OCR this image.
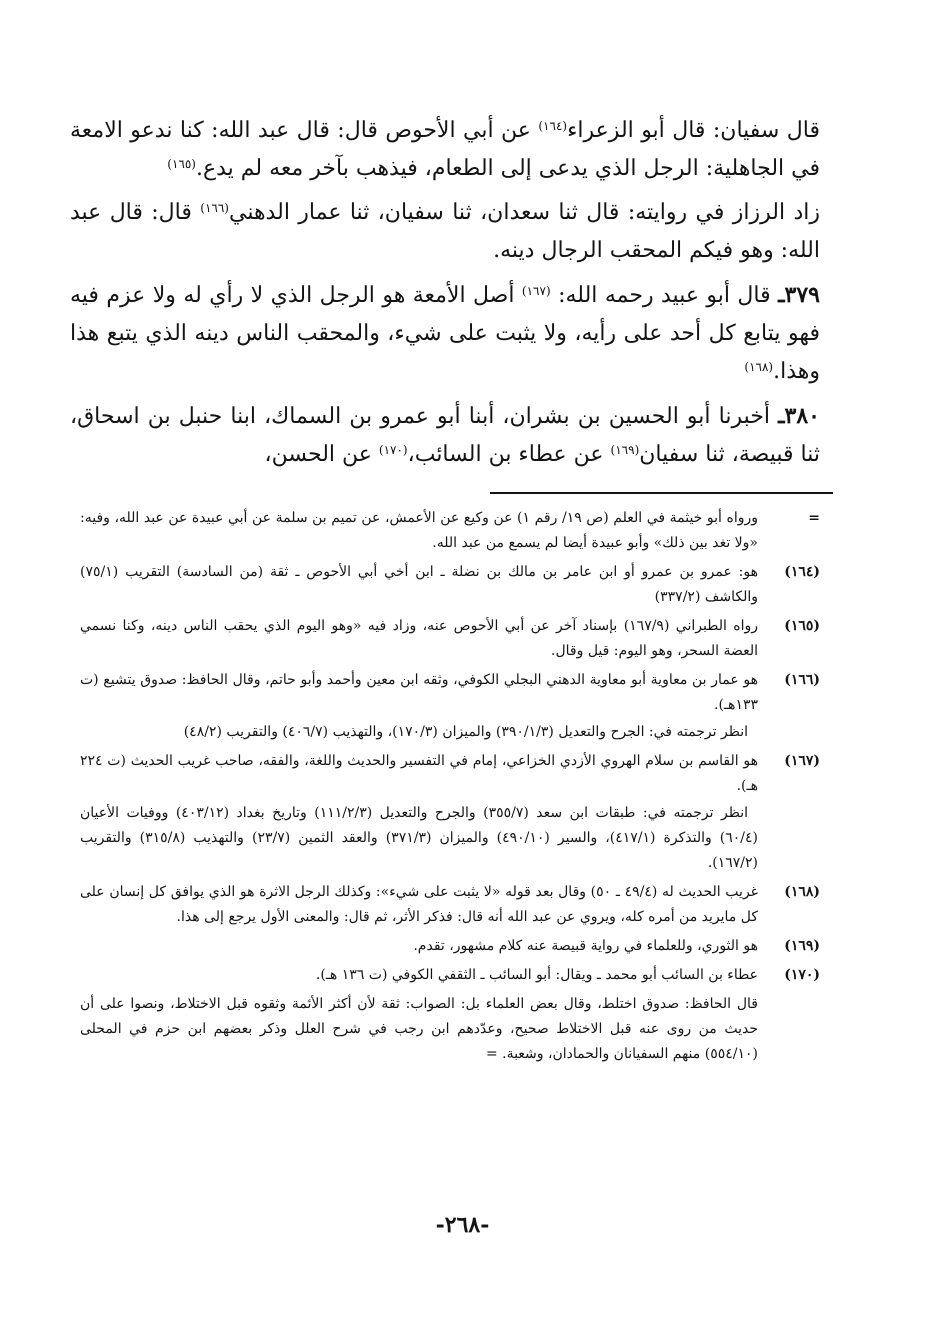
قال سفيان: قال أبو الزعراء$^{(١٦٤)}$ عن أبي الأحوص قال: قال عبد الله: كنا ندعو الامعة في الجاهلية: الرجل الذي يدعى إلى الطعام، فيذهب بآخر معه لم يدع.$^{(١٦٥)}$

زاد الرزاز في روايته: قال ثنا سعدان، ثنا سفيان، ثنا عمار الدهني$^{(١٦٦)}$ قال: قال عبد الله: وهو فيكم المحقب الرجال دينه.

٣٧٩ـ قال أبو عبيد رحمه الله: $^{(١٦٧)}$ أصل الأمعة هو الرجل الذي لا رأي له ولا عزم فيه فهو يتابع كل أحد على رأيه، ولا يثبت على شيء، والمحقب الناس دينه الذي يتبع هذا وهذا.$^{(١٦٨)}$

٣٨٠ـ أخبرنا أبو الحسين بن بشران، أبنا أبو عمرو بن السماك، ابنا حنبل بن اسحاق، ثنا قبيصة، ثنا سفيان$^{(١٦٩)}$ عن عطاء بن السائب،$^{(١٧٠)}$ عن الحسن،

=

ورواه أبو خيثمة في العلم (ص ١٩/ رقم ١) عن وكيع عن الأعمش، عن تميم بن سلمة عن أبي عبيدة عن عبد الله، وفيه: «ولا تغد بين ذلك» وأبو عبيدة أيضا لم يسمع من عبد الله.

(١٦٤)

هو: عمرو بن عمرو أو ابن عامر بن مالك بن نضلة ـ ابن أخي أبي الأحوص ـ ثقة (من السادسة) التقريب (٧٥/١) والكاشف (٣٣٧/٢)

(١٦٥)

رواه الطبراني (١٦٧/٩) بإسناد آخر عن أبي الأحوص عنه، وزاد فيه «وهو اليوم الذي يحقب الناس دينه، وكنا نسمي العضة السحر، وهو اليوم: قيل وقال.

(١٦٦)

هو عمار بن معاوية أبو معاوية الدهني البجلي الكوفي، وثقه ابن معين وأحمد وأبو حاتم، وقال الحافظ: صدوق يتشيع (ت ١٣٣هـ).

انظر ترجمته في: الجرح والتعديل (٣٩٠/١/٣) والميزان (١٧٠/٣)، والتهذيب (٤٠٦/٧) والتقريب (٤٨/٢)

(١٦٧)

هو القاسم بن سلام الهروي الأزدي الخزاعي، إمام في التفسير والحديث واللغة، والفقه، صاحب غريب الحديث (ت ٢٢٤ هـ).

انظر ترجمته في: طبقات ابن سعد (٣٥٥/٧) والجرح والتعديل (١١١/٢/٣) وتاريخ بغداد (٤٠٣/١٢) ووفيات الأعيان (٦٠/٤) والتذكرة (٤١٧/١)، والسير (٤٩٠/١٠) والميزان (٣٧١/٣) والعقد الثمين (٢٣/٧) والتهذيب (٣١٥/٨) والتقريب (١٦٧/٢).

(١٦٨)

غريب الحديث له (٤٩/٤ ـ ٥٠) وقال بعد قوله «لا يثبت على شيء»: وكذلك الرجل الاثرة هو الذي يوافق كل إنسان على كل مايريد من أمره كله، ويروي عن عبد الله أنه قال: فذكر الأثر، ثم قال: والمعنى الأول يرجع إلى هذا.

(١٦٩)

هو الثوري، وللعلماء في رواية قبيصة عنه كلام مشهور، تقدم.

(١٧٠)

عطاء بن السائب أبو محمد ـ ويقال: أبو السائب ـ الثقفي الكوفي (ت ١٣٦ هـ).

قال الحافظ: صدوق اختلط، وقال بعض العلماء بل: الصواب: ثقة لأن أكثر الأئمة وثقوه قبل الاختلاط، ونصوا على أن حديث من روى عنه قبل الاختلاط صحيح، وعدّدهم ابن رجب في شرح العلل وذكر بعضهم ابن حزم في المحلى (٥٥٤/١٠) منهم السفيانان والحمادان، وشعبة. =

-٢٦٨-
